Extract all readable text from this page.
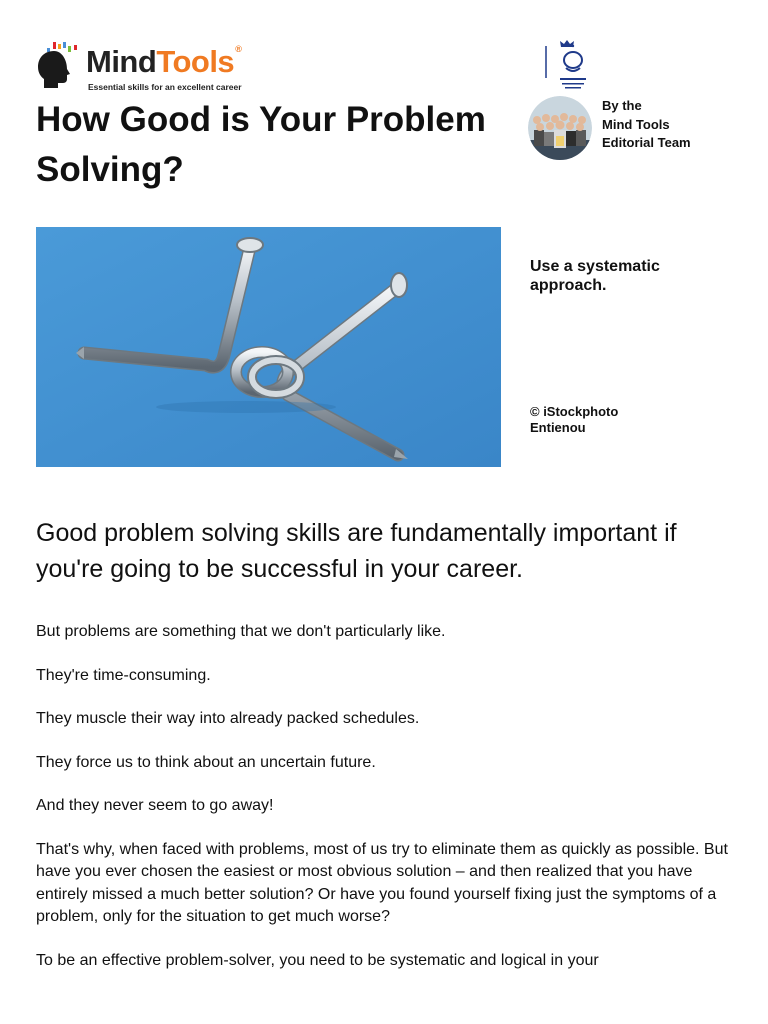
MindTools®
Essential skills for an excellent career
How Good is Your Problem Solving?
By the
Mind Tools
Editorial Team
Use a systematic approach.
© iStockphoto
Entienou

Good problem solving skills are fundamentally important if you're going to be successful in your career.

But problems are something that we don't particularly like.

They're time-consuming.

They muscle their way into already packed schedules.

They force us to think about an uncertain future.

And they never seem to go away!

That's why, when faced with problems, most of us try to eliminate them as quickly as possible. But have you ever chosen the easiest or most obvious solution – and then realized that you have entirely missed a much better solution? Or have you found yourself fixing just the symptoms of a problem, only for the situation to get much worse?

To be an effective problem-solver, you need to be systematic and logical in your
